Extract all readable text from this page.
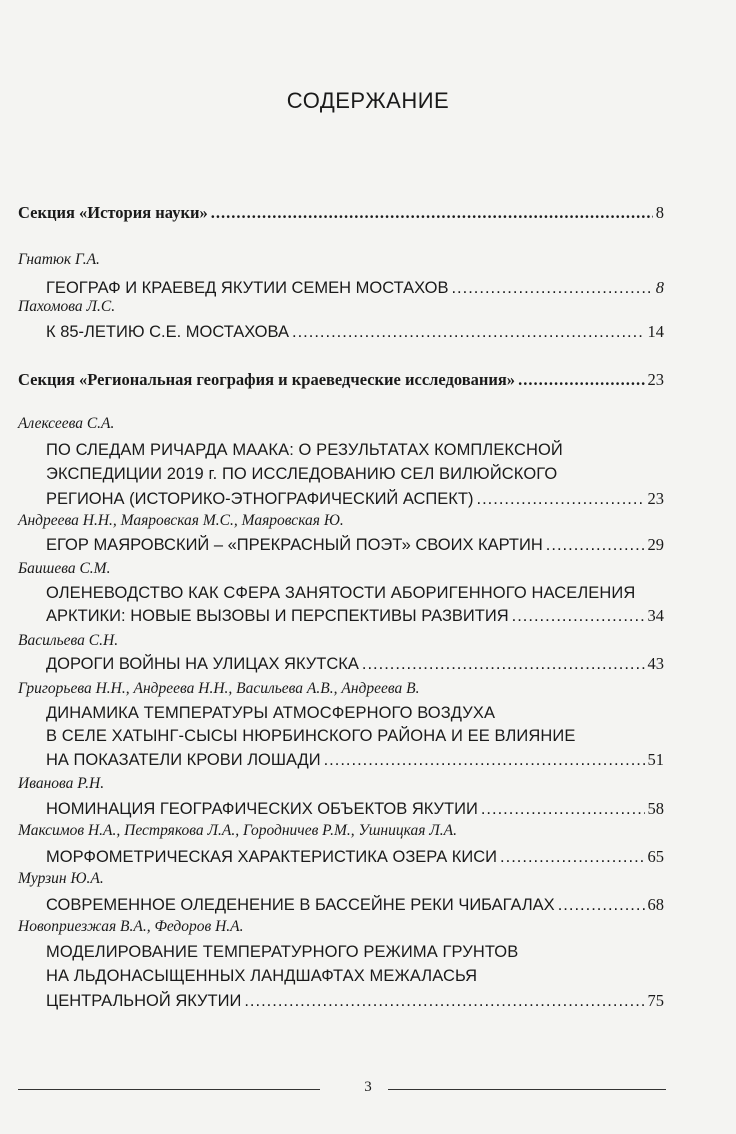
СОДЕРЖАНИЕ
Секция «История науки» .....	8
Гнатюк Г.А.
ГЕОГРАФ И КРАЕВЕД ЯКУТИИ СЕМЕН МОСТАХОВ .....	8
Пахомова Л.С.
К 85-ЛЕТИЮ С.Е. МОСТАХОВА .....	14
Секция «Региональная география и краеведческие исследования» .....	23
Алексеева С.А.
ПО СЛЕДАМ РИЧАРДА МААКА: О РЕЗУЛЬТАТАХ КОМПЛЕКСНОЙ
ЭКСПЕДИЦИИ 2019 г. ПО ИССЛЕДОВАНИЮ СЕЛ ВИЛЮЙСКОГО
РЕГИОНА (ИСТОРИКО-ЭТНОГРАФИЧЕСКИЙ АСПЕКТ) .....	23
Андреева Н.Н., Маяровская М.С., Маяровская Ю.
ЕГОР МАЯРОВСКИЙ – «ПРЕКРАСНЫЙ ПОЭТ» СВОИХ КАРТИН .....	29
Баишева С.М.
ОЛЕНЕВОДСТВО КАК СФЕРА ЗАНЯТОСТИ АБОРИГЕННОГО НАСЕЛЕНИЯ
АРКТИКИ: НОВЫЕ ВЫЗОВЫ И ПЕРСПЕКТИВЫ РАЗВИТИЯ .....	34
Васильева С.Н.
ДОРОГИ ВОЙНЫ НА УЛИЦАХ ЯКУТСКА .....	43
Григорьева Н.Н., Андреева Н.Н., Васильева А.В., Андреева В.
ДИНАМИКА ТЕМПЕРАТУРЫ АТМОСФЕРНОГО ВОЗДУХА
В СЕЛЕ ХАТЫНГ-СЫСЫ НЮРБИНСКОГО РАЙОНА И ЕЕ ВЛИЯНИЕ
НА ПОКАЗАТЕЛИ КРОВИ ЛОШАДИ .....	51
Иванова Р.Н.
НОМИНАЦИЯ ГЕОГРАФИЧЕСКИХ ОБЪЕКТОВ ЯКУТИИ .....	58
Максимов Н.А., Пестрякова Л.А., Городничев Р.М., Ушницкая Л.А.
МОРФОМЕТРИЧЕСКАЯ ХАРАКТЕРИСТИКА ОЗЕРА КИСИ .....	65
Мурзин Ю.А.
СОВРЕМЕННОЕ ОЛЕДЕНЕНИЕ В БАССЕЙНЕ РЕКИ ЧИБАГАЛАХ .....	68
Новоприезжая В.А., Федоров Н.А.
МОДЕЛИРОВАНИЕ ТЕМПЕРАТУРНОГО РЕЖИМА ГРУНТОВ
НА ЛЬДОНАСЫЩЕННЫХ ЛАНДШАФТАХ МЕЖАЛАСЬЯ
ЦЕНТРАЛЬНОЙ ЯКУТИИ .....	75
3
